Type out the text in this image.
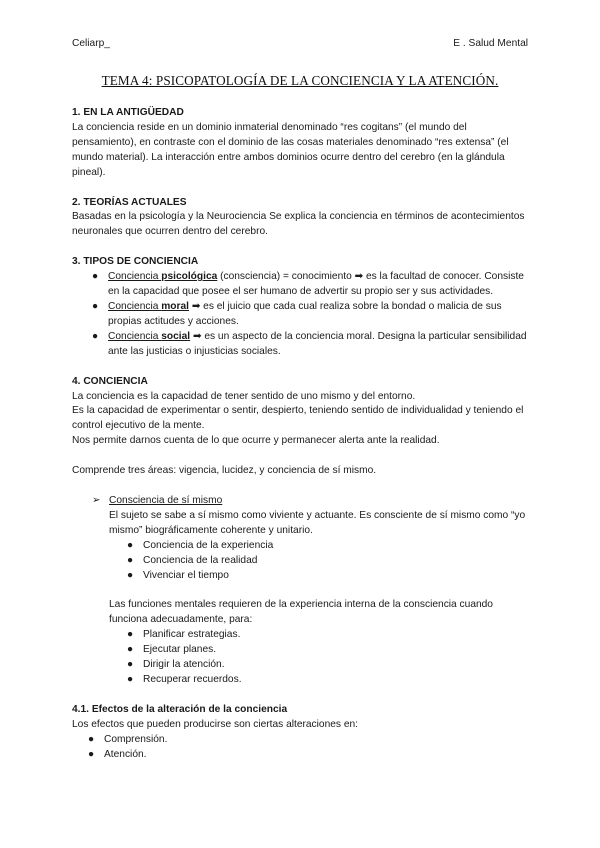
Celiarp_	E . Salud Mental
TEMA 4: PSICOPATOLOGÍA DE LA CONCIENCIA Y LA ATENCIÓN.
1. EN LA ANTIGÜEDAD

La conciencia reside en un dominio inmaterial denominado “res cogitans” (el mundo del pensamiento), en contraste con el dominio de las cosas materiales denominado “res extensa” (el mundo material). La interacción entre ambos dominios ocurre dentro del cerebro (en la glándula pineal).

2. TEORÍAS ACTUALES

Basadas en la psicología y la Neurociencia Se explica la conciencia en términos de acontecimientos neuronales que ocurren dentro del cerebro.

3. TIPOS DE CONCIENCIA
● Conciencia psicológica (consciencia) = conocimiento ➡ es la facultad de conocer. Consiste en la capacidad que posee el ser humano de advertir su propio ser y sus actividades.
● Conciencia moral ➡ es el juicio que cada cual realiza sobre la bondad o malicia de sus propias actitudes y acciones.
● Conciencia social ➡ es un aspecto de la conciencia moral. Designa la particular sensibilidad ante las justicias o injusticias sociales.
4. CONCIENCIA

La conciencia es la capacidad de tener sentido de uno mismo y del entorno.

Es la capacidad de experimentar o sentir, despierto, teniendo sentido de individualidad y teniendo el control ejecutivo de la mente.

Nos permite darnos cuenta de lo que ocurre y permanecer alerta ante la realidad.

Comprende tres áreas: vigencia, lucidez, y conciencia de sí mismo.

➢ Consciencia de sí mismo

El sujeto se sabe a sí mismo como viviente y actuante. Es consciente de sí mismo como “yo mismo” biográficamente coherente y unitario.

● Conciencia de la experiencia
● Conciencia de la realidad
● Vivenciar el tiempo

Las funciones mentales requieren de la experiencia interna de la consciencia cuando funciona adecuadamente, para:

● Planificar estrategias.
● Ejecutar planes.
● Dirigir la atención.
● Recuperar recuerdos.
4.1. Efectos de la alteración de la conciencia

Los efectos que pueden producirse son ciertas alteraciones en:

● Comprensión.
● Atención.
